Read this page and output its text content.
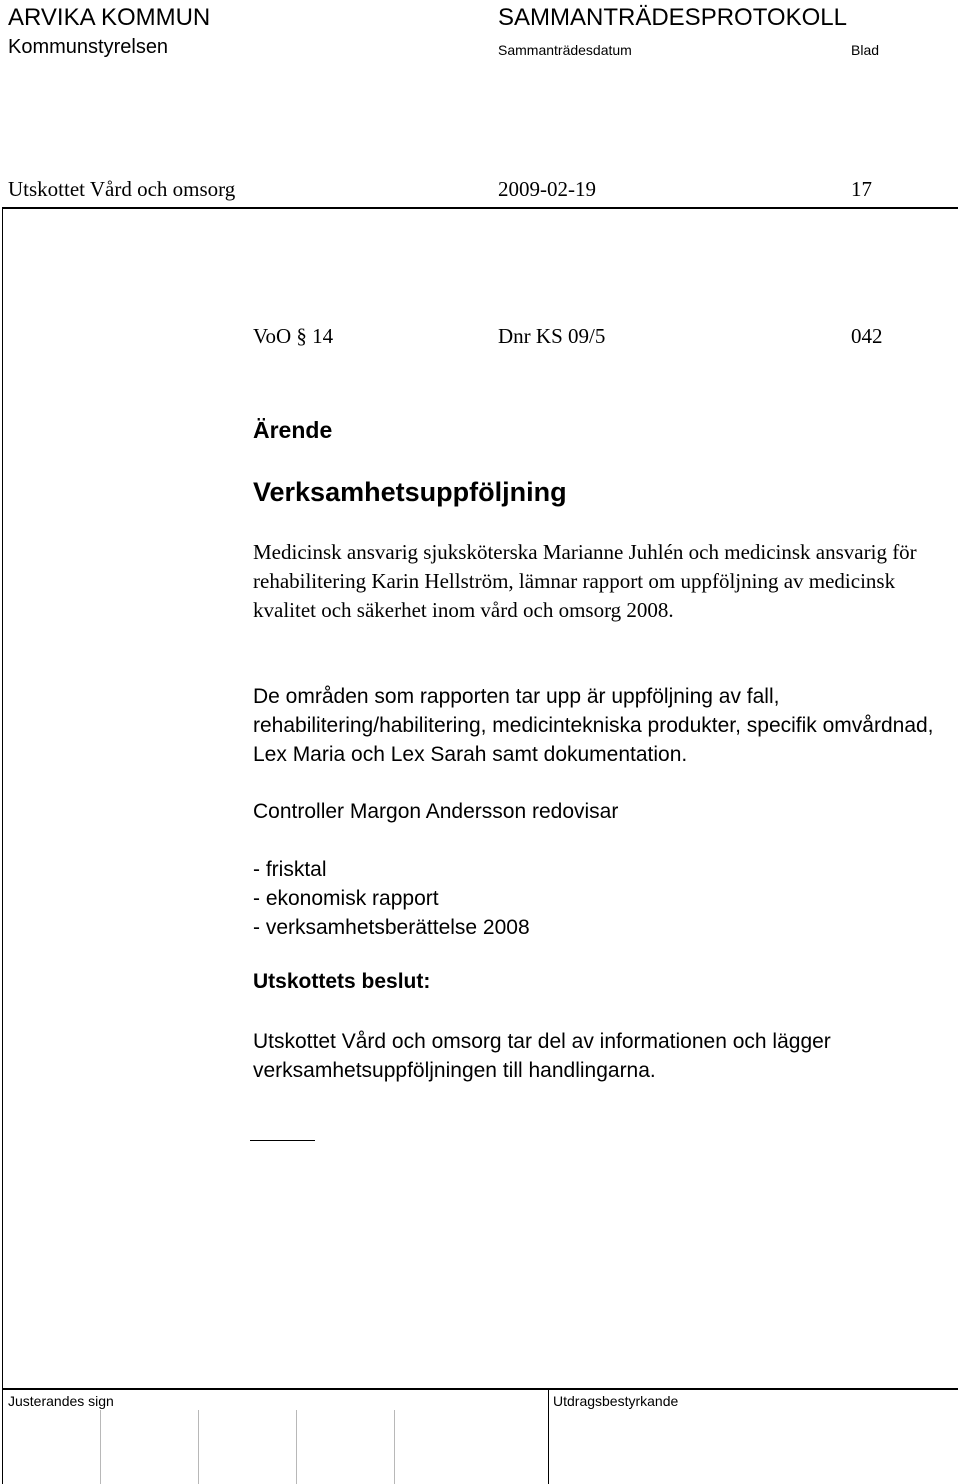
ARVIKA KOMMUN
Kommunstyrelsen
SAMMANTRÄDESPROTOKOLL
Sammanträdesdatum	Blad
Utskottet Vård och omsorg	2009-02-19	17
VoO § 14	Dnr KS 09/5	042
Ärende
Verksamhetsuppföljning
Medicinsk ansvarig sjuksköterska Marianne Juhlén och medicinsk ansvarig för rehabilitering Karin Hellström, lämnar rapport om uppföljning av medicinsk kvalitet och säkerhet inom vård och omsorg 2008.
De områden som rapporten tar upp är uppföljning av fall, rehabilitering/habilitering, medicintekniska produkter, specifik omvårdnad, Lex Maria och Lex Sarah samt dokumentation.
Controller Margon Andersson redovisar
- frisktal
- ekonomisk rapport
- verksamhetsberättelse 2008
Utskottets beslut:
Utskottet Vård och omsorg tar del av informationen och lägger verksamhetsuppföljningen till handlingarna.
Justerandes sign	Utdragsbestyrkande
